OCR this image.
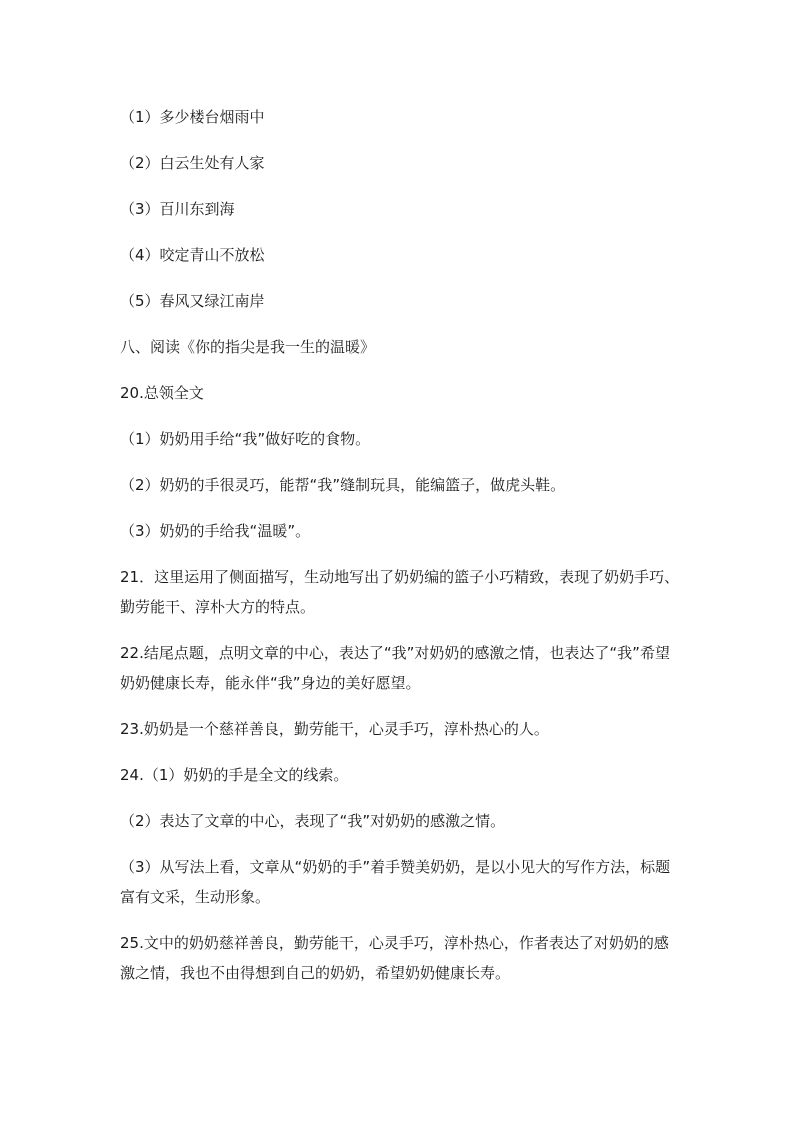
（1）多少楼台烟雨中
（2）白云生处有人家
（3）百川东到海
（4）咬定青山不放松
（5）春风又绿江南岸
八、阅读《你的指尖是我一生的温暖》
20.总领全文
（1）奶奶用手给“我”做好吃的食物。
（2）奶奶的手很灵巧，能帮“我”缝制玩具，能编篮子，做虎头鞋。
（3）奶奶的手给我“温暖”。
21．这里运用了侧面描写，生动地写出了奶奶编的篮子小巧精致，表现了奶奶手巧、勤劳能干、淳朴大方的特点。
22.结尾点题，点明文章的中心，表达了“我”对奶奶的感激之情，也表达了“我”希望奶奶健康长寿，能永伴“我”身边的美好愿望。
23.奶奶是一个慈祥善良，勤劳能干，心灵手巧，淳朴热心的人。
24.（1）奶奶的手是全文的线索。
（2）表达了文章的中心，表现了“我”对奶奶的感激之情。
（3）从写法上看，文章从“奶奶的手”着手赞美奶奶，是以小见大的写作方法，标题富有文采，生动形象。
25.文中的奶奶慈祥善良，勤劳能干，心灵手巧，淳朴热心，作者表达了对奶奶的感激之情，我也不由得想到自己的奶奶，希望奶奶健康长寿。
